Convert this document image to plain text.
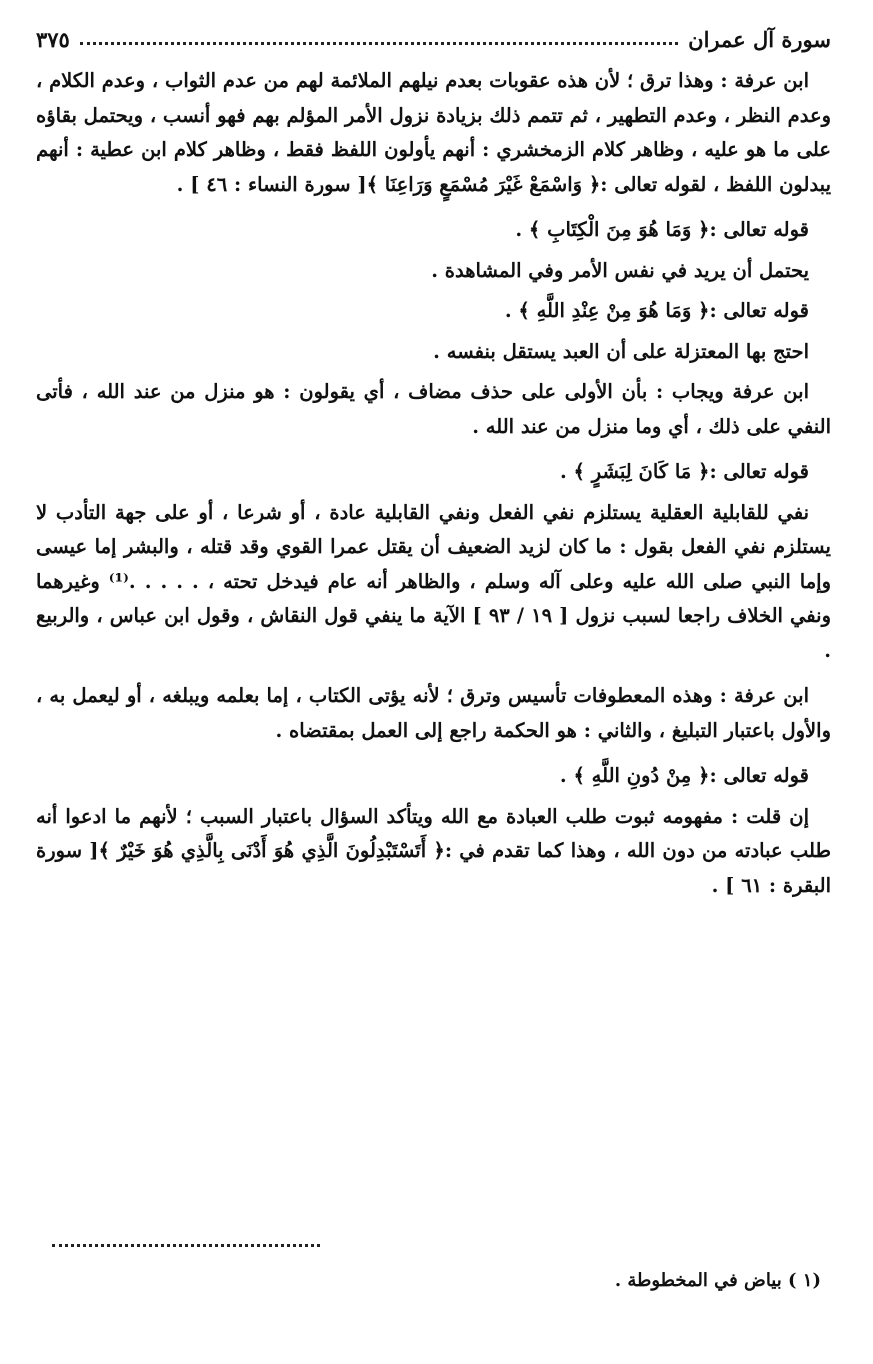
سورة آل عمران
٣٧٥

ابن عرفة : وهذا ترق ؛ لأن هذه عقوبات بعدم نيلهم الملائمة لهم من عدم الثواب ، وعدم الكلام ، وعدم النظر ، وعدم التطهير ، ثم تتمم ذلك بزيادة نزول الأمر المؤلم بهم فهو أنسب ، ويحتمل بقاؤه على ما هو عليه ، وظاهر كلام الزمخشري : أنهم يأولون اللفظ فقط ، وظاهر كلام ابن عطية : أنهم يبدلون اللفظ ، لقوله تعالى :﴿ وَاسْمَعْ غَيْرَ مُسْمَعٍ وَرَاعِنَا ﴾[ سورة النساء : ٤٦ ] .

قوله تعالى :﴿ وَمَا هُوَ مِنَ الْكِتَابِ ﴾ .

يحتمل أن يريد في نفس الأمر وفي المشاهدة .

قوله تعالى :﴿ وَمَا هُوَ مِنْ عِنْدِ اللَّهِ ﴾ .

احتج بها المعتزلة على أن العبد يستقل بنفسه .

ابن عرفة ويجاب : بأن الأولى على حذف مضاف ، أي يقولون : هو منزل من عند الله ، فأتى النفي على ذلك ، أي وما منزل من عند الله .

قوله تعالى :﴿ مَا كَانَ لِبَشَرٍ ﴾ .

نفي للقابلية العقلية يستلزم نفي الفعل ونفي القابلية عادة ، أو شرعا ، أو على جهة التأدب لا يستلزم نفي الفعل بقول : ما كان لزيد الضعيف أن يقتل عمرا القوي وقد قتله ، والبشر إما عيسى وإما النبي صلى الله عليه وعلى آله وسلم ، والظاهر أنه عام فيدخل تحته ، . . . . .⁽¹⁾ وغيرهما ونفي الخلاف راجعا لسبب نزول [ ١٩ / ٩٣ ] الآية ما ينفي قول النقاش ، وقول ابن عباس ، والربيع .

ابن عرفة : وهذه المعطوفات تأسيس وترق ؛ لأنه يؤتى الكتاب ، إما بعلمه ويبلغه ، أو ليعمل به ، والأول باعتبار التبليغ ، والثاني : هو الحكمة راجع إلى العمل بمقتضاه .

قوله تعالى :﴿ مِنْ دُونِ اللَّهِ ﴾ .

إن قلت : مفهومه ثبوت طلب العبادة مع الله ويتأكد السؤال باعتبار السبب ؛ لأنهم ما ادعوا أنه طلب عبادته من دون الله ، وهذا كما تقدم في :﴿ أَتَسْتَبْدِلُونَ الَّذِي هُوَ أَدْنَى بِالَّذِي هُوَ خَيْرٌ ﴾[ سورة البقرة : ٦١ ] .

(١ ) بياض في المخطوطة .
